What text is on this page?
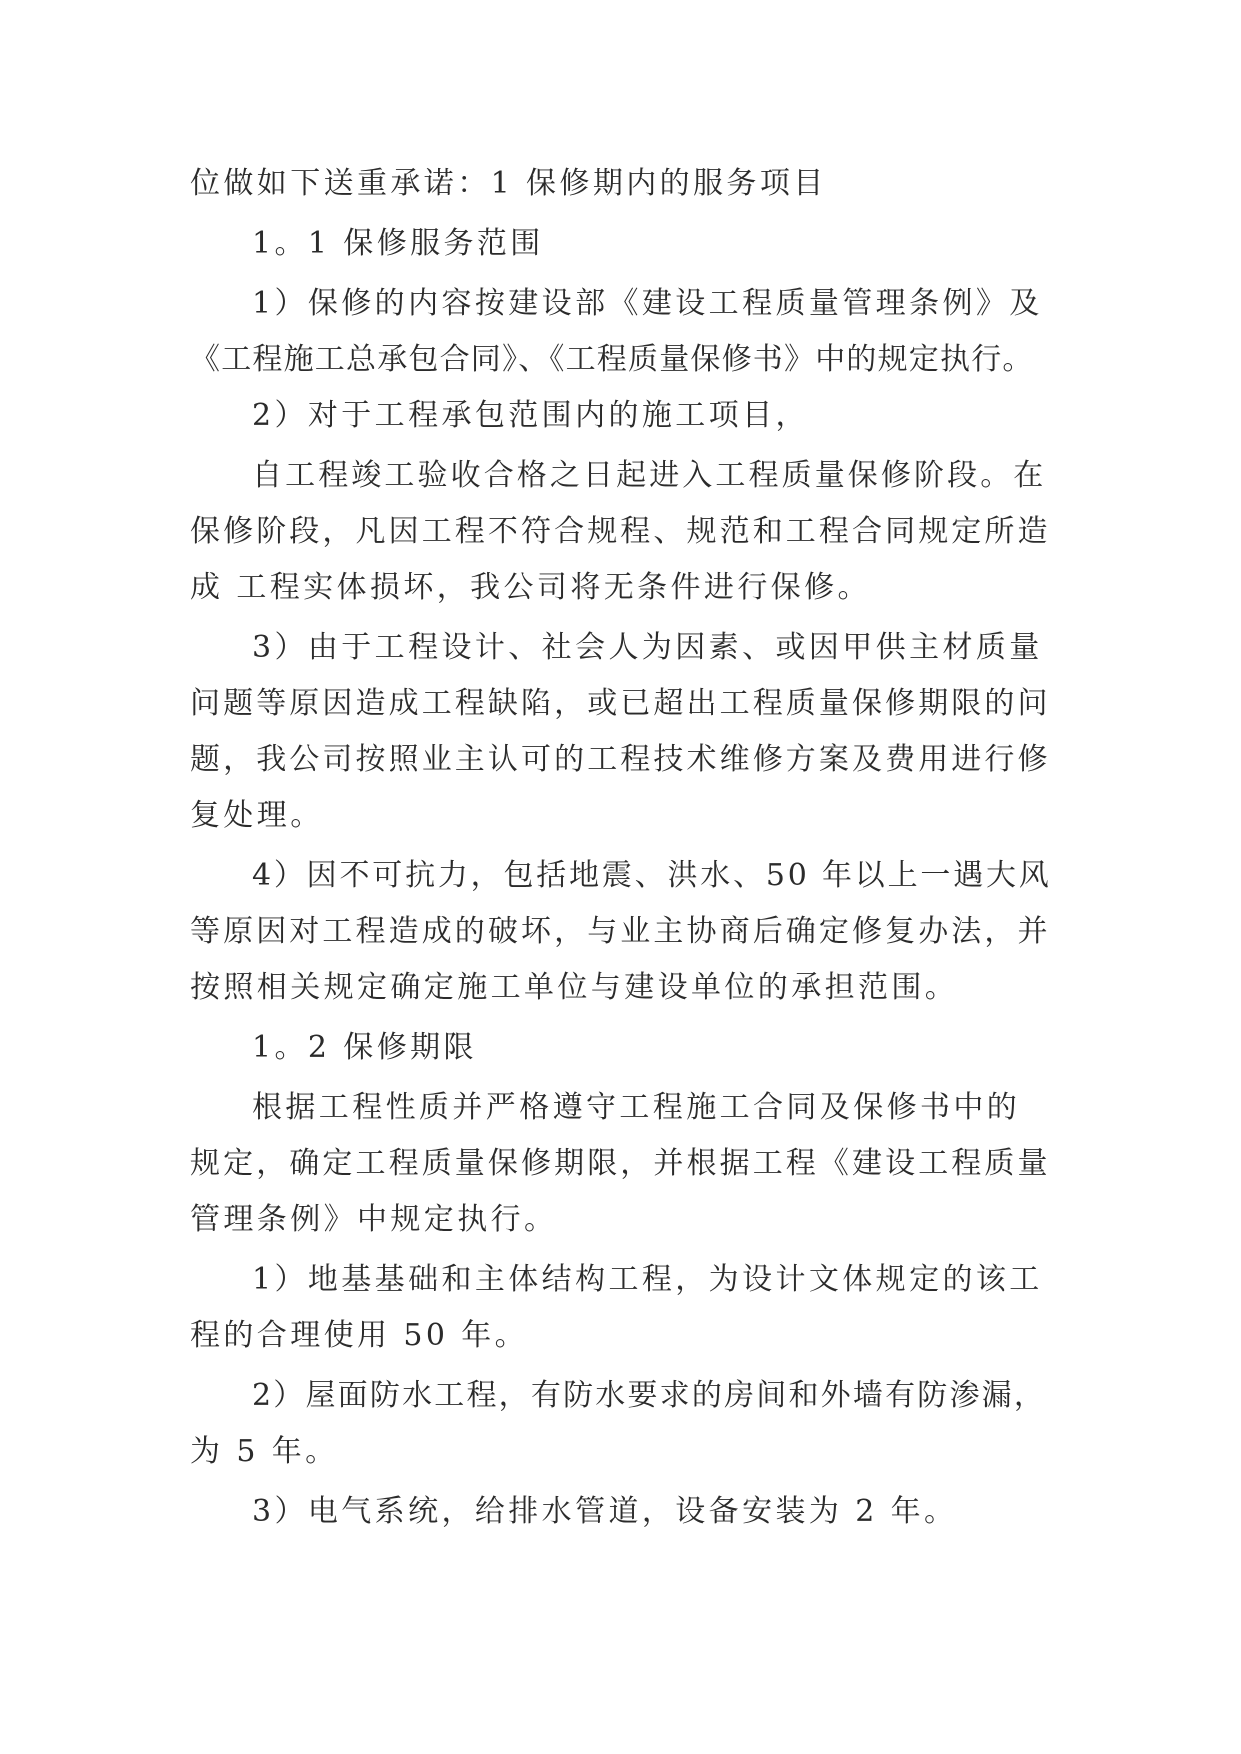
位做如下送重承诺：1 保修期内的服务项目
1。1 保修服务范围
1）保修的内容按建设部《建设工程质量管理条例》及
《工程施工总承包合同》、《工程质量保修书》中的规定执行。
2）对于工程承包范围内的施工项目，
自工程竣工验收合格之日起进入工程质量保修阶段。在
保修阶段，凡因工程不符合规程、规范和工程合同规定所造
成 工程实体损坏，我公司将无条件进行保修。
3）由于工程设计、社会人为因素、或因甲供主材质量
问题等原因造成工程缺陷，或已超出工程质量保修期限的问
题，我公司按照业主认可的工程技术维修方案及费用进行修
复处理。
4）因不可抗力，包括地震、洪水、50 年以上一遇大风
等原因对工程造成的破坏，与业主协商后确定修复办法，并
按照相关规定确定施工单位与建设单位的承担范围。
1。2 保修期限
根据工程性质并严格遵守工程施工合同及保修书中的
规定，确定工程质量保修期限，并根据工程《建设工程质量
管理条例》中规定执行。
1）地基基础和主体结构工程，为设计文体规定的该工
程的合理使用 50 年。
2）屋面防水工程，有防水要求的房间和外墙有防渗漏，
为 5 年。
3）电气系统，给排水管道，设备安装为 2 年。
